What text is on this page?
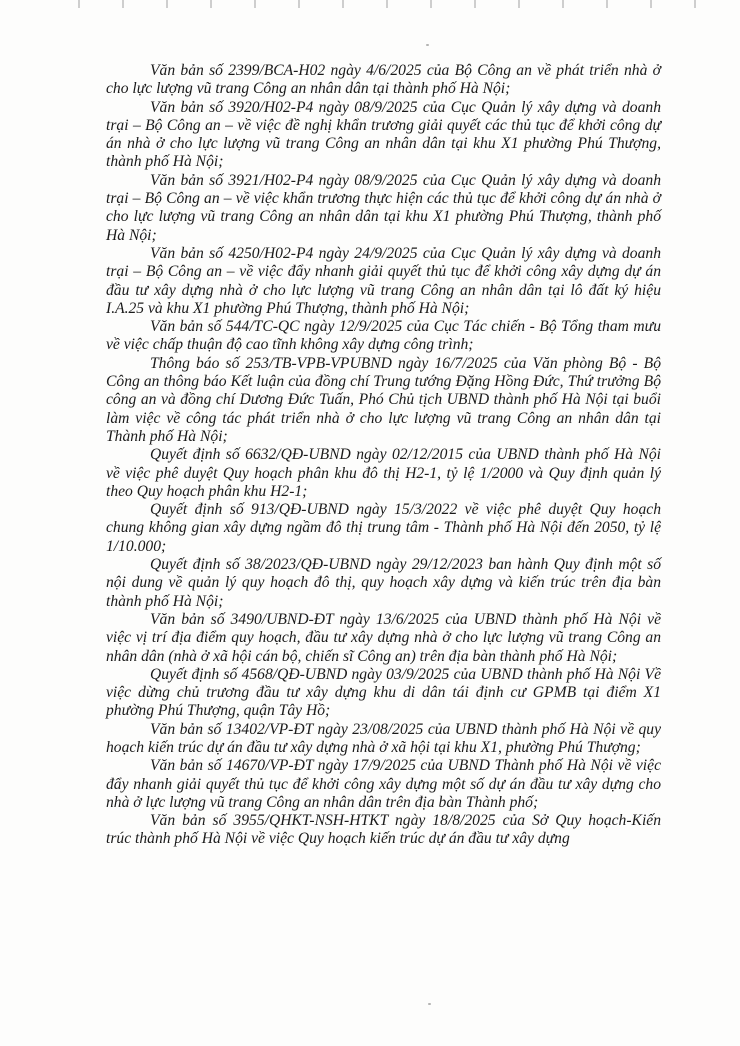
Văn bản số 2399/BCA-H02 ngày 4/6/2025 của Bộ Công an về phát triển nhà ở cho lực lượng vũ trang Công an nhân dân tại thành phố Hà Nội;

Văn bản số 3920/H02-P4 ngày 08/9/2025 của Cục Quản lý xây dựng và doanh trại – Bộ Công an – về việc đề nghị khẩn trương giải quyết các thủ tục để khởi công dự án nhà ở cho lực lượng vũ trang Công an nhân dân tại khu X1 phường Phú Thượng, thành phố Hà Nội;

Văn bản số 3921/H02-P4 ngày 08/9/2025 của Cục Quản lý xây dựng và doanh trại – Bộ Công an – về việc khẩn trương thực hiện các thủ tục để khởi công dự án nhà ở cho lực lượng vũ trang Công an nhân dân tại khu X1 phường Phú Thượng, thành phố Hà Nội;

Văn bản số 4250/H02-P4 ngày 24/9/2025 của Cục Quản lý xây dựng và doanh trại – Bộ Công an – về việc đẩy nhanh giải quyết thủ tục để khởi công xây dựng dự án đầu tư xây dựng nhà ở cho lực lượng vũ trang Công an nhân dân tại lô đất ký hiệu I.A.25 và khu X1 phường Phú Thượng, thành phố Hà Nội;

Văn bản số 544/TC-QC ngày 12/9/2025 của Cục Tác chiến - Bộ Tổng tham mưu về việc chấp thuận độ cao tĩnh không xây dựng công trình;

Thông báo số 253/TB-VPB-VPUBND ngày 16/7/2025 của Văn phòng Bộ - Bộ Công an thông báo Kết luận của đồng chí Trung tướng Đặng Hồng Đức, Thứ trưởng Bộ công an và đồng chí Dương Đức Tuấn, Phó Chủ tịch UBND thành phố Hà Nội tại buổi làm việc về công tác phát triển nhà ở cho lực lượng vũ trang Công an nhân dân tại Thành phố Hà Nội;

Quyết định số 6632/QĐ-UBND ngày 02/12/2015 của UBND thành phố Hà Nội về việc phê duyệt Quy hoạch phân khu đô thị H2-1, tỷ lệ 1/2000 và Quy định quản lý theo Quy hoạch phân khu H2-1;

Quyết định số 913/QĐ-UBND ngày 15/3/2022 về việc phê duyệt Quy hoạch chung không gian xây dựng ngầm đô thị trung tâm - Thành phố Hà Nội đến 2050, tỷ lệ 1/10.000;

Quyết định số 38/2023/QĐ-UBND ngày 29/12/2023 ban hành Quy định một số nội dung về quản lý quy hoạch đô thị, quy hoạch xây dựng và kiến trúc trên địa bàn thành phố Hà Nội;

Văn bản số 3490/UBND-ĐT ngày 13/6/2025 của UBND thành phố Hà Nội về việc vị trí địa điểm quy hoạch, đầu tư xây dựng nhà ở cho lực lượng vũ trang Công an nhân dân (nhà ở xã hội cán bộ, chiến sĩ Công an) trên địa bàn thành phố Hà Nội;

Quyết định số 4568/QĐ-UBND ngày 03/9/2025 của UBND thành phố Hà Nội Về việc dừng chủ trương đầu tư xây dựng khu di dân tái định cư GPMB tại điểm X1 phường Phú Thượng, quận Tây Hồ;

Văn bản số 13402/VP-ĐT ngày 23/08/2025 của UBND thành phố Hà Nội về quy hoạch kiến trúc dự án đầu tư xây dựng nhà ở xã hội tại khu X1, phường Phú Thượng;

Văn bản số 14670/VP-ĐT ngày 17/9/2025 của UBND Thành phố Hà Nội về việc đẩy nhanh giải quyết thủ tục để khởi công xây dựng một số dự án đầu tư xây dựng cho nhà ở lực lượng vũ trang Công an nhân dân trên địa bàn Thành phố;

Văn bản số 3955/QHKT-NSH-HTKT ngày 18/8/2025 của Sở Quy hoạch-Kiến trúc thành phố Hà Nội về việc Quy hoạch kiến trúc dự án đầu tư xây dựng
